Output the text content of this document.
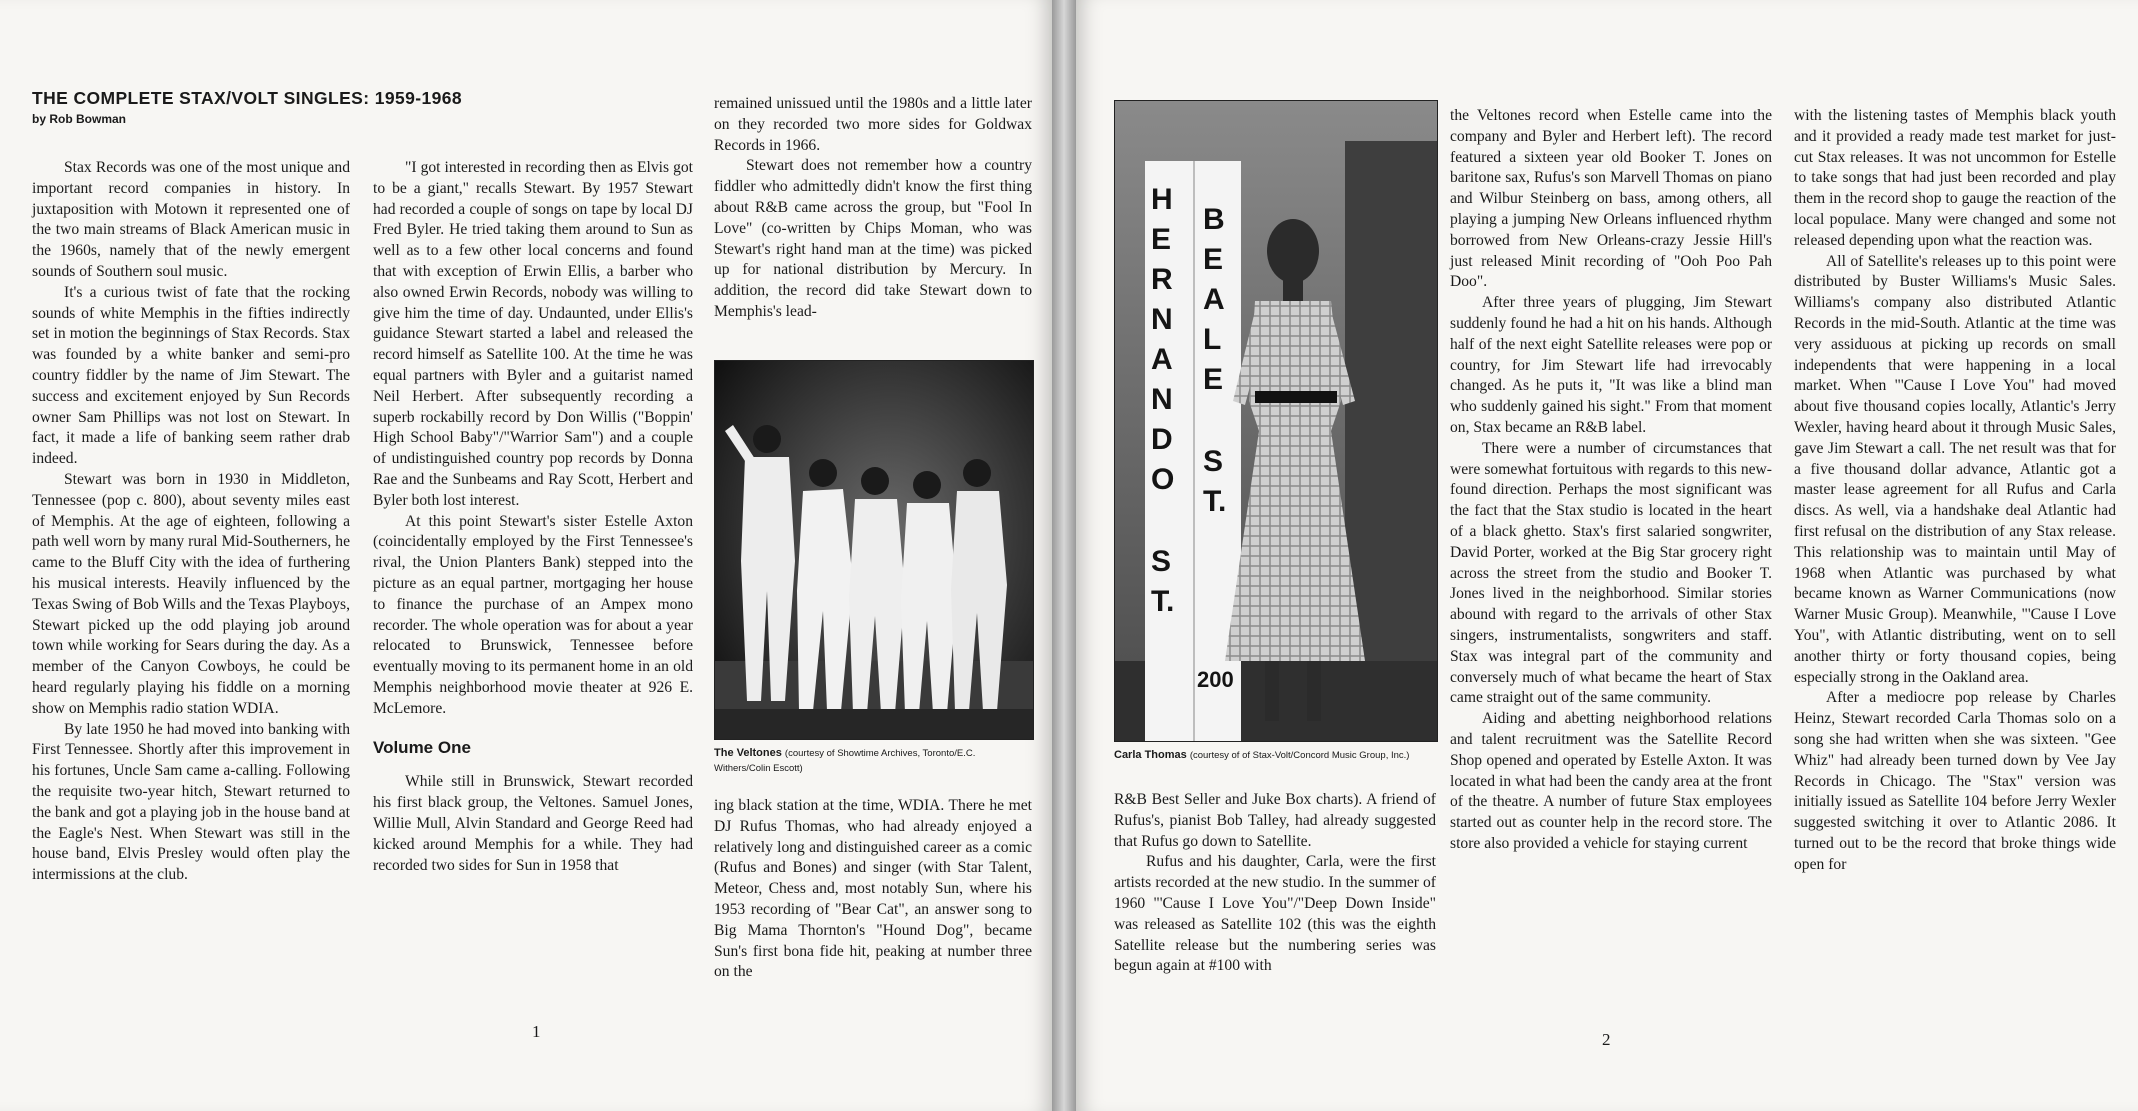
THE COMPLETE STAX/VOLT SINGLES: 1959-1968
by Rob Bowman

Stax Records was one of the most unique and important record companies in history. In juxtaposition with Motown it represented one of the two main streams of Black American music in the 1960s, namely that of the newly emergent sounds of Southern soul music.

It's a curious twist of fate that the rocking sounds of white Memphis in the fifties indirectly set in motion the beginnings of Stax Records. Stax was founded by a white banker and semi-pro country fiddler by the name of Jim Stewart. The success and excitement enjoyed by Sun Records owner Sam Phillips was not lost on Stewart. In fact, it made a life of banking seem rather drab indeed.

Stewart was born in 1930 in Middleton, Tennessee (pop c. 800), about seventy miles east of Memphis. At the age of eighteen, following a path well worn by many rural Mid-Southerners, he came to the Bluff City with the idea of furthering his musical interests. Heavily influenced by the Texas Swing of Bob Wills and the Texas Playboys, Stewart picked up the odd playing job around town while working for Sears during the day. As a member of the Canyon Cowboys, he could be heard regularly playing his fiddle on a morning show on Memphis radio station WDIA.

By late 1950 he had moved into banking with First Tennessee. Shortly after this improvement in his fortunes, Uncle Sam came a-calling. Following the requisite two-year hitch, Stewart returned to the bank and got a playing job in the house band at the Eagle's Nest. When Stewart was still in the house band, Elvis Presley would often play the intermissions at the club.

"I got interested in recording then as Elvis got to be a giant," recalls Stewart. By 1957 Stewart had recorded a couple of songs on tape by local DJ Fred Byler. He tried taking them around to Sun as well as to a few other local concerns and found that with exception of Erwin Ellis, a barber who also owned Erwin Records, nobody was willing to give him the time of day. Undaunted, under Ellis's guidance Stewart started a label and released the record himself as Satellite 100. At the time he was equal partners with Byler and a guitarist named Neil Herbert. After subsequently recording a superb rockabilly record by Don Willis ("Boppin' High School Baby"/"Warrior Sam") and a couple of undistinguished country pop records by Donna Rae and the Sunbeams and Ray Scott, Herbert and Byler both lost interest.

At this point Stewart's sister Estelle Axton (coincidentally employed by the First Tennessee's rival, the Union Planters Bank) stepped into the picture as an equal partner, mortgaging her house to finance the purchase of an Ampex mono recorder. The whole operation was for about a year relocated to Brunswick, Tennessee before eventually moving to its permanent home in an old Memphis neighborhood movie theater at 926 E. McLemore.

Volume One

While still in Brunswick, Stewart recorded his first black group, the Veltones. Samuel Jones, Willie Mull, Alvin Standard and George Reed had kicked around Memphis for a while. They had recorded two sides for Sun in 1958 that

remained unissued until the 1980s and a little later on they recorded two more sides for Goldwax Records in 1966.

Stewart does not remember how a country fiddler who admittedly didn't know the first thing about R&B came across the group, but "Fool In Love" (co-written by Chips Moman, who was Stewart's right hand man at the time) was picked up for national distribution by Mercury. In addition, the record did take Stewart down to Memphis's lead-

The Veltones (courtesy of Showtime Archives, Toronto/E.C. Withers/Colin Escott)

ing black station at the time, WDIA. There he met DJ Rufus Thomas, who had already enjoyed a relatively long and distinguished career as a comic (Rufus and Bones) and singer (with Star Talent, Meteor, Chess and, most notably Sun, where his 1953 recording of "Bear Cat", an answer song to Big Mama Thornton's "Hound Dog", became Sun's first bona fide hit, peaking at number three on the

1
H
E
R
N
A
N
D
O
S
T.
B
E
A
L
E
S
T.
200
Carla Thomas (courtesy of of Stax-Volt/Concord Music Group, Inc.)

R&B Best Seller and Juke Box charts). A friend of Rufus's, pianist Bob Talley, had already suggested that Rufus go down to Satellite.

Rufus and his daughter, Carla, were the first artists recorded at the new studio. In the summer of 1960 "'Cause I Love You"/"Deep Down Inside" was released as Satellite 102 (this was the eighth Satellite release but the numbering series was begun again at #100 with

the Veltones record when Estelle came into the company and Byler and Herbert left). The record featured a sixteen year old Booker T. Jones on baritone sax, Rufus's son Marvell Thomas on piano and Wilbur Steinberg on bass, among others, all playing a jumping New Orleans influenced rhythm borrowed from New Orleans-crazy Jessie Hill's just released Minit recording of "Ooh Poo Pah Doo".

After three years of plugging, Jim Stewart suddenly found he had a hit on his hands. Although half of the next eight Satellite releases were pop or country, for Jim Stewart life had irrevocably changed. As he puts it, "It was like a blind man who suddenly gained his sight." From that moment on, Stax became an R&B label.

There were a number of circumstances that were somewhat fortuitous with regards to this new-found direction. Perhaps the most significant was the fact that the Stax studio is located in the heart of a black ghetto. Stax's first salaried songwriter, David Porter, worked at the Big Star grocery right across the street from the studio and Booker T. Jones lived in the neighborhood. Similar stories abound with regard to the arrivals of other Stax singers, instrumentalists, songwriters and staff. Stax was integral part of the community and conversely much of what became the heart of Stax came straight out of the same community.

Aiding and abetting neighborhood relations and talent recruitment was the Satellite Record Shop opened and operated by Estelle Axton. It was located in what had been the candy area at the front of the theatre. A number of future Stax employees started out as counter help in the record store. The store also provided a vehicle for staying current

with the listening tastes of Memphis black youth and it provided a ready made test market for just-cut Stax releases. It was not uncommon for Estelle to take songs that had just been recorded and play them in the record shop to gauge the reaction of the local populace. Many were changed and some not released depending upon what the reaction was.

All of Satellite's releases up to this point were distributed by Buster Williams's Music Sales. Williams's company also distributed Atlantic Records in the mid-South. Atlantic at the time was very assiduous at picking up records on small independents that were happening in a local market. When "'Cause I Love You" had moved about five thousand copies locally, Atlantic's Jerry Wexler, having heard about it through Music Sales, gave Jim Stewart a call. The net result was that for a five thousand dollar advance, Atlantic got a master lease agreement for all Rufus and Carla discs. As well, via a handshake deal Atlantic had first refusal on the distribution of any Stax release. This relationship was to maintain until May of 1968 when Atlantic was purchased by what became known as Warner Communications (now Warner Music Group). Meanwhile, "'Cause I Love You", with Atlantic distributing, went on to sell another thirty or forty thousand copies, being especially strong in the Oakland area.

After a mediocre pop release by Charles Heinz, Stewart recorded Carla Thomas solo on a song she had written when she was sixteen. "Gee Whiz" had already been turned down by Vee Jay Records in Chicago. The "Stax" version was initially issued as Satellite 104 before Jerry Wexler suggested switching it over to Atlantic 2086. It turned out to be the record that broke things wide open for

2
